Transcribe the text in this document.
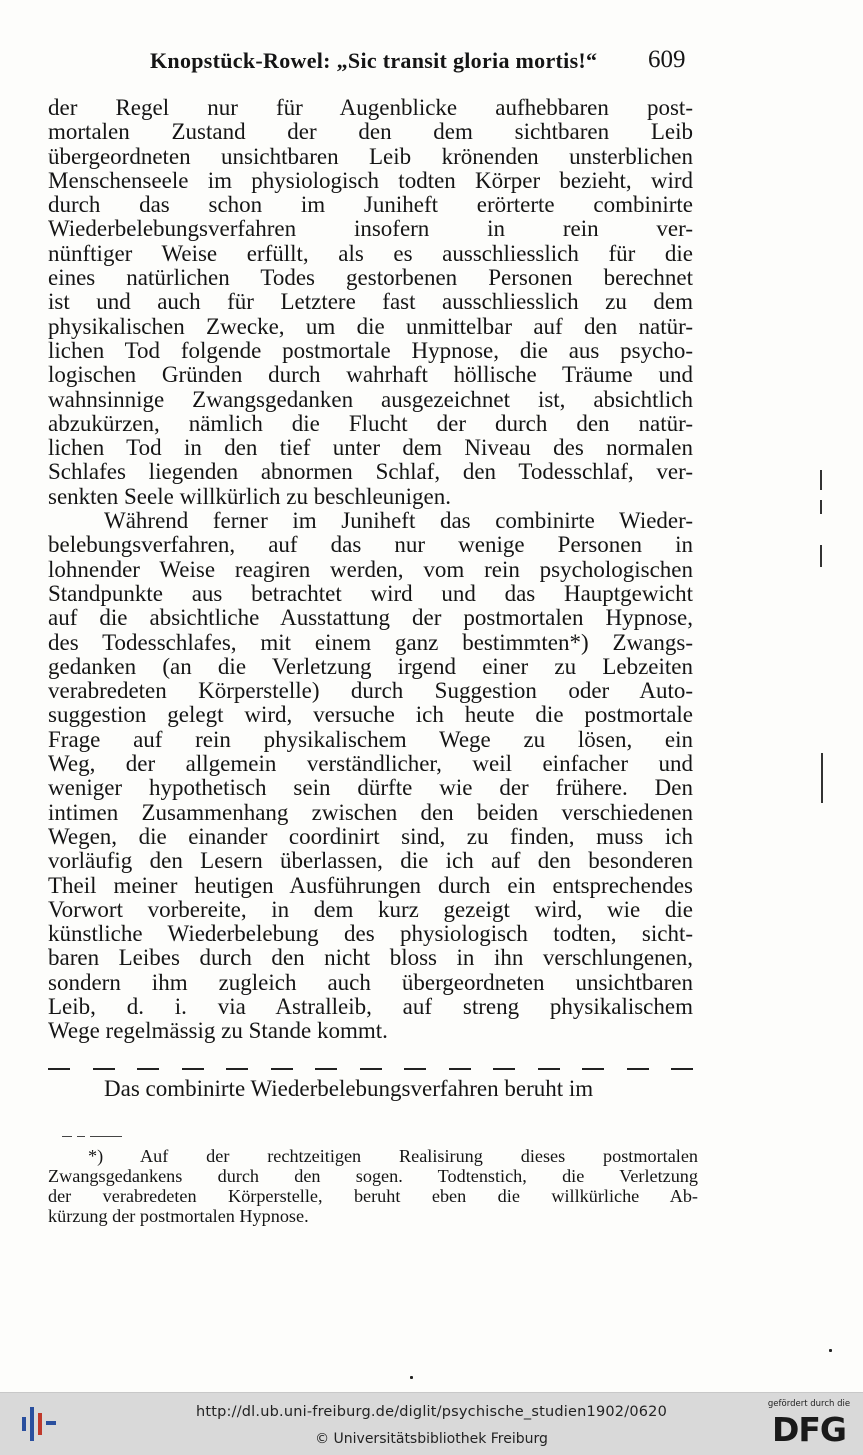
Knopstück-Rowel: „Sic transit gloria mortis!“ 609
der Regel nur für Augenblicke aufhebbaren post-
mortalen Zustand der den dem sichtbaren Leib
übergeordneten unsichtbaren Leib krönenden unsterblichen
Menschenseele im physiologisch todten Körper bezieht, wird
durch das schon im Juniheft erörterte combinirte
Wiederbelebungsverfahren insofern in rein ver-
nünftiger Weise erfüllt, als es ausschliesslich für die
eines natürlichen Todes gestorbenen Personen berechnet
ist und auch für Letztere fast ausschliesslich zu dem
physikalischen Zwecke, um die unmittelbar auf den natür-
lichen Tod folgende postmortale Hypnose, die aus psycho-
logischen Gründen durch wahrhaft höllische Träume und
wahnsinnige Zwangsgedanken ausgezeichnet ist, absichtlich
abzukürzen, nämlich die Flucht der durch den natür-
lichen Tod in den tief unter dem Niveau des normalen
Schlafes liegenden abnormen Schlaf, den Todesschlaf, ver-
senkten Seele willkürlich zu beschleunigen.
Während ferner im Juniheft das combinirte Wieder-
belebungsverfahren, auf das nur wenige Personen in
lohnender Weise reagiren werden, vom rein psychologischen
Standpunkte aus betrachtet wird und das Hauptgewicht
auf die absichtliche Ausstattung der postmortalen Hypnose,
des Todesschlafes, mit einem ganz bestimmten*) Zwangs-
gedanken (an die Verletzung irgend einer zu Lebzeiten
verabredeten Körperstelle) durch Suggestion oder Auto-
suggestion gelegt wird, versuche ich heute die postmortale
Frage auf rein physikalischem Wege zu lösen, ein
Weg, der allgemein verständlicher, weil einfacher und
weniger hypothetisch sein dürfte wie der frühere. Den
intimen Zusammenhang zwischen den beiden verschiedenen
Wegen, die einander coordinirt sind, zu finden, muss ich
vorläufig den Lesern überlassen, die ich auf den besonderen
Theil meiner heutigen Ausführungen durch ein entsprechendes
Vorwort vorbereite, in dem kurz gezeigt wird, wie die
künstliche Wiederbelebung des physiologisch todten, sicht-
baren Leibes durch den nicht bloss in ihn verschlungenen,
sondern ihm zugleich auch übergeordneten unsichtbaren
Leib, d. i. via Astralleib, auf streng physikalischem
Wege regelmässig zu Stande kommt.
Das combinirte Wiederbelebungsverfahren beruht im
*) Auf der rechtzeitigen Realisirung dieses postmortalen
Zwangsgedankens durch den sogen. Todtenstich, die Verletzung
der verabredeten Körperstelle, beruht eben die willkürliche Ab-
kürzung der postmortalen Hypnose.
http://dl.ub.uni-freiburg.de/diglit/psychische_studien1902/0620
© Universitätsbibliothek Freiburg
gefördert durch die
DFG
